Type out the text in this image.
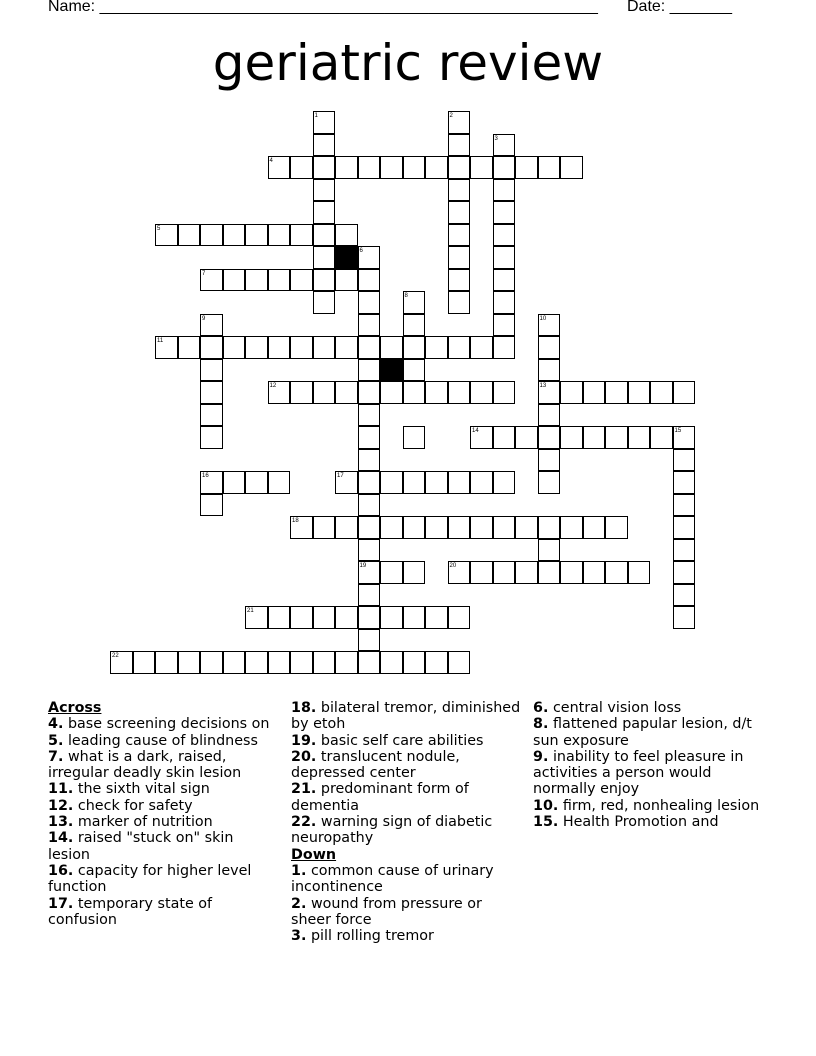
Name: ________________________________________________________ Date: _______
geriatric review
1	2
3
4
5
6
7
8
9	10
11
12	13
14	15
16	17
18
19	20
21
22
Across
4. base screening decisions on
5. leading cause of blindness
7. what is a dark, raised, irregular deadly skin lesion
11. the sixth vital sign
12. check for safety
13. marker of nutrition
14. raised "stuck on" skin lesion
16. capacity for higher level function
17. temporary state of confusion
18. bilateral tremor, diminished by etoh
19. basic self care abilities
20. translucent nodule, depressed center
21. predominant form of dementia
22. warning sign of diabetic neuropathy
Down
1. common cause of urinary incontinence
2. wound from pressure or sheer force
3. pill rolling tremor
6. central vision loss
8. flattened papular lesion, d/t sun exposure
9. inability to feel pleasure in activities a person would normally enjoy
10. firm, red, nonhealing lesion
15. Health Promotion and
